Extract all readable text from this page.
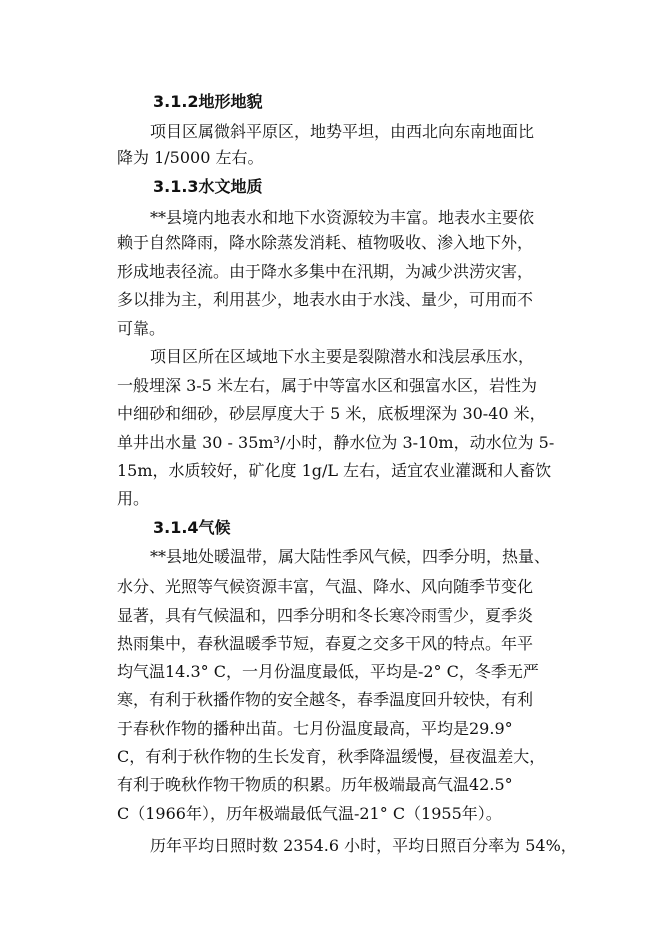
3.1.2地形地貌
项目区属微斜平原区，地势平坦，由西北向东南地面比
降为 1/5000 左右。
3.1.3水文地质
**县境内地表水和地下水资源较为丰富。地表水主要依
赖于自然降雨，降水除蒸发消耗、植物吸收、渗入地下外，
形成地表径流。由于降水多集中在汛期，为减少洪涝灾害，
多以排为主，利用甚少，地表水由于水浅、量少，可用而不
可靠。
项目区所在区域地下水主要是裂隙潜水和浅层承压水，
一般埋深 3-5 米左右，属于中等富水区和强富水区，岩性为
中细砂和细砂，砂层厚度大于 5 米，底板埋深为 30-40 米，
单井出水量 30 - 35m³/小时，静水位为 3-10m，动水位为 5-
15m，水质较好，矿化度 1g/L 左右，适宜农业灌溉和人畜饮
用。
3.1.4气候
**县地处暖温带，属大陆性季风气候，四季分明，热量、
水分、光照等气候资源丰富，气温、降水、风向随季节变化
显著，具有气候温和，四季分明和冬长寒冷雨雪少，夏季炎
热雨集中，春秋温暖季节短，春夏之交多干风的特点。年平
均气温14.3° C，一月份温度最低，平均是-2° C，冬季无严
寒，有利于秋播作物的安全越冬，春季温度回升较快，有利
于春秋作物的播种出苗。七月份温度最高，平均是29.9°
C，有利于秋作物的生长发育，秋季降温缓慢，昼夜温差大，
有利于晚秋作物干物质的积累。历年极端最高气温42.5°
C（1966年），历年极端最低气温-21° C（1955年）。
历年平均日照时数 2354.6 小时，平均日照百分率为 54%，
